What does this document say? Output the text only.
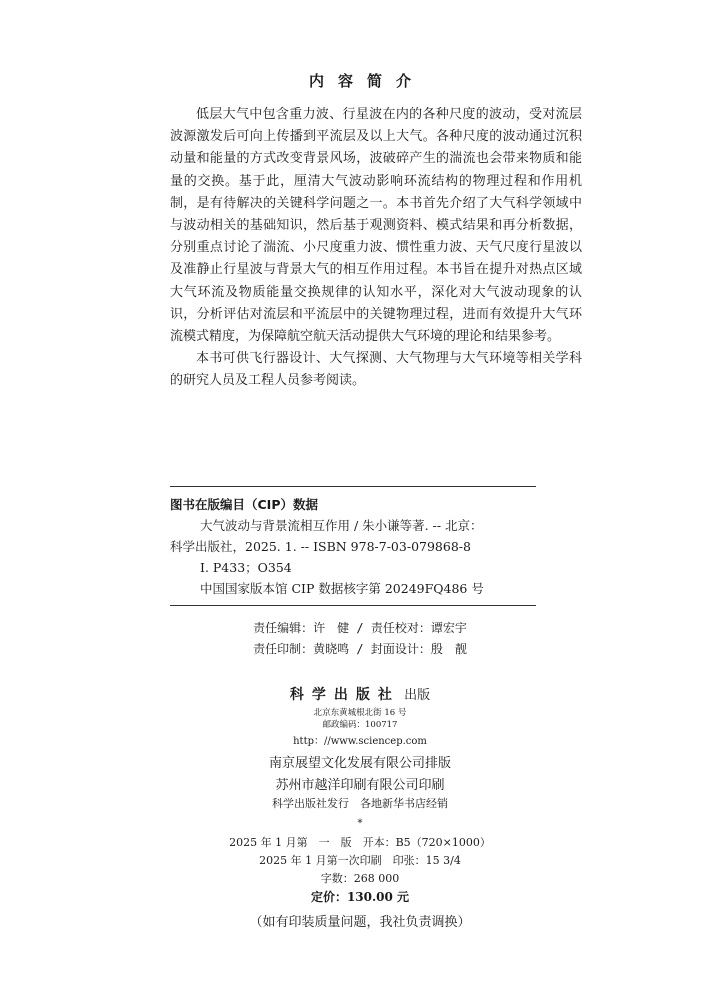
内容简介

低层大气中包含重力波、行星波在内的各种尺度的波动，受对流层波源激发后可向上传播到平流层及以上大气。各种尺度的波动通过沉积动量和能量的方式改变背景风场，波破碎产生的湍流也会带来物质和能量的交换。基于此，厘清大气波动影响环流结构的物理过程和作用机制，是有待解决的关键科学问题之一。本书首先介绍了大气科学领域中与波动相关的基础知识，然后基于观测资料、模式结果和再分析数据，分别重点讨论了湍流、小尺度重力波、惯性重力波、天气尺度行星波以及准静止行星波与背景大气的相互作用过程。本书旨在提升对热点区域大气环流及物质能量交换规律的认知水平，深化对大气波动现象的认识，分析评估对流层和平流层中的关键物理过程，进而有效提升大气环流模式精度，为保障航空航天活动提供大气环境的理论和结果参考。

本书可供飞行器设计、大气探测、大气物理与大气环境等相关学科的研究人员及工程人员参考阅读。

图书在版编目（CIP）数据
大气波动与背景流相互作用 / 朱小谦等著. -- 北京：
科学出版社，2025. 1. -- ISBN 978-7-03-079868-8
Ⅰ. P433；O354
中国国家版本馆 CIP 数据核字第 20249FQ486 号
责任编辑：许　健 / 责任校对：谭宏宇
责任印制：黄晓鸣 / 封面设计：殷　靓
科学出版社 出版
北京东黄城根北街 16 号
邮政编码：100717
http：//www.sciencep.com
南京展望文化发展有限公司排版
苏州市越洋印刷有限公司印刷
科学出版社发行　各地新华书店经销
*
2025 年 1 月第　一　版　开本：B5（720×1000）
2025 年 1 月第一次印刷　印张：15 3/4
字数：268 000
定价：130.00 元
（如有印装质量问题，我社负责调换）
